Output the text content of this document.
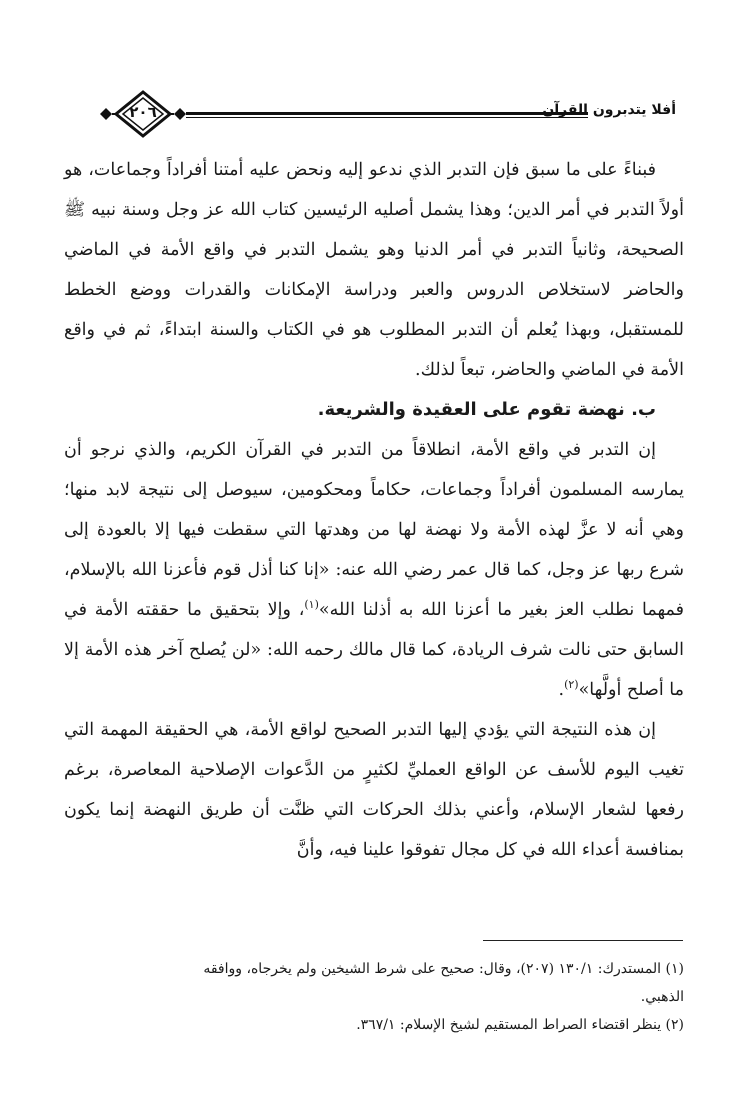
أفلا يتدبرون القرآن
٢٠٦

فبناءً على ما سبق فإن التدبر الذي ندعو إليه ونحض عليه أمتنا أفراداً وجماعات، هو أولاً التدبر في أمر الدين؛ وهذا يشمل أصليه الرئيسين كتاب الله عز وجل وسنة نبيه ﷺ الصحيحة، وثانياً التدبر في أمر الدنيا وهو يشمل التدبر في واقع الأمة في الماضي والحاضر لاستخلاص الدروس والعبر ودراسة الإمكانات والقدرات ووضع الخطط للمستقبل، وبهذا يُعلم أن التدبر المطلوب هو في الكتاب والسنة ابتداءً، ثم في واقع الأمة في الماضي والحاضر، تبعاً لذلك.

ب. نهضة تقوم على العقيدة والشريعة.

إن التدبر في واقع الأمة، انطلاقاً من التدبر في القرآن الكريم، والذي نرجو أن يمارسه المسلمون أفراداً وجماعات، حكاماً ومحكومين، سيوصل إلى نتيجة لابد منها؛ وهي أنه لا عزَّ لهذه الأمة ولا نهضة لها من وهدتها التي سقطت فيها إلا بالعودة إلى شرع ربها عز وجل، كما قال عمر رضي الله عنه: «إنا كنا أذل قوم فأعزنا الله بالإسلام، فمهما نطلب العز بغير ما أعزنا الله به أذلنا الله»$^{(١)}$، وإلا بتحقيق ما حققته الأمة في السابق حتى نالت شرف الريادة، كما قال مالك رحمه الله: «لن يُصلح آخر هذه الأمة إلا ما أصلح أولَّها»$^{(٢)}$.

إن هذه النتيجة التي يؤدي إليها التدبر الصحيح لواقع الأمة، هي الحقيقة المهمة التي تغيب اليوم للأسف عن الواقع العمليِّ لكثيرٍ من الدَّعوات الإصلاحية المعاصرة، برغم رفعها لشعار الإسلام، وأعني بذلك الحركات التي ظنَّت أن طريق النهضة إنما يكون بمنافسة أعداء الله في كل مجال تفوقوا علينا فيه، وأنَّ

(١) المستدرك: ١٣٠/١ (٢٠٧)، وقال: صحيح على شرط الشيخين ولم يخرجاه، ووافقه

الذهبي.

(٢) ينظر اقتضاء الصراط المستقيم لشيخ الإسلام: ٣٦٧/١.
